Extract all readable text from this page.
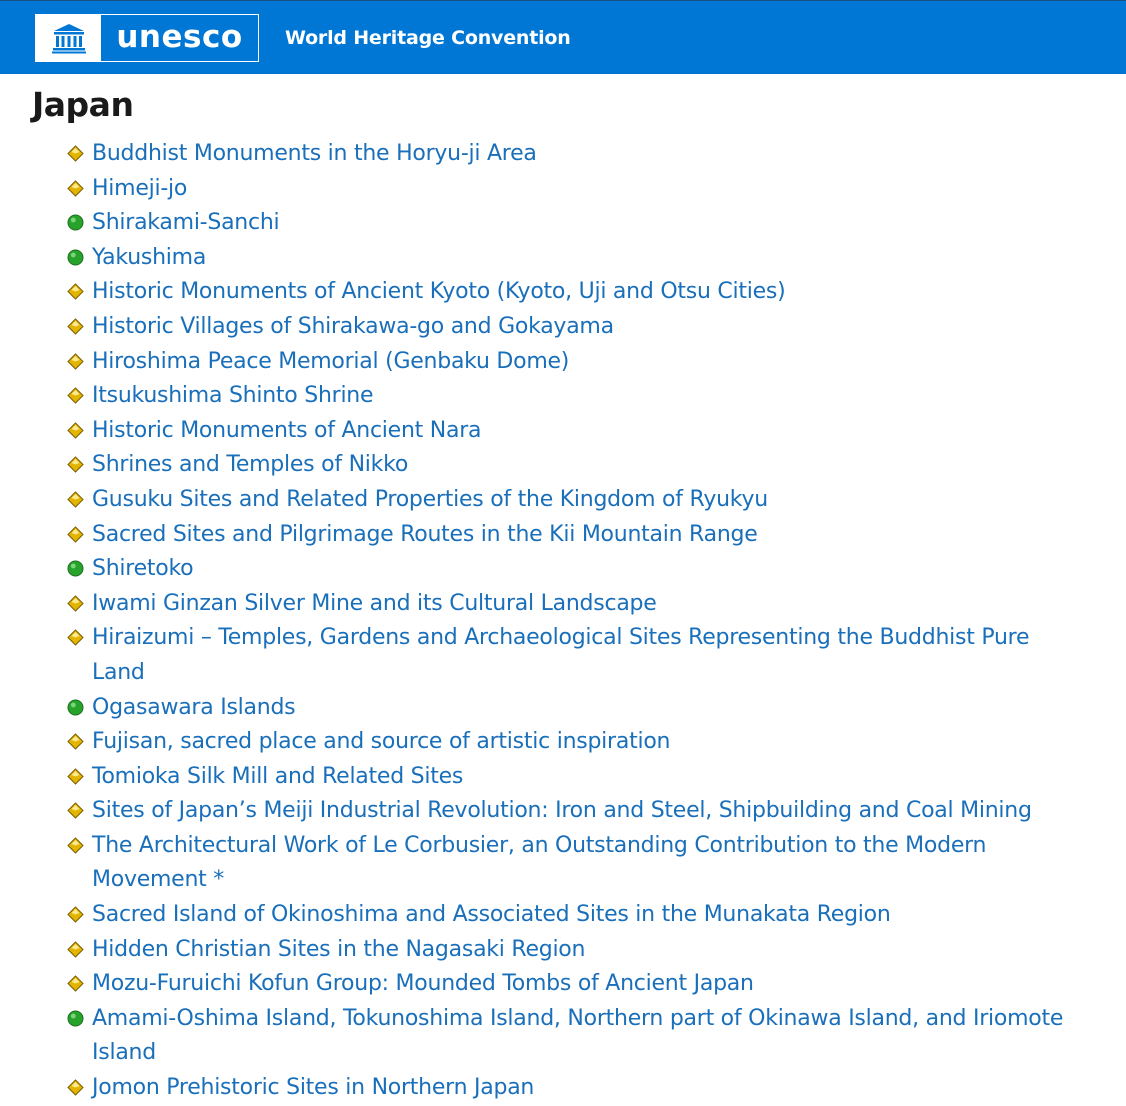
unesco	World Heritage Convention
Japan
Buddhist Monuments in the Horyu-ji Area
Himeji-jo
Shirakami-Sanchi
Yakushima
Historic Monuments of Ancient Kyoto (Kyoto, Uji and Otsu Cities)
Historic Villages of Shirakawa-go and Gokayama
Hiroshima Peace Memorial (Genbaku Dome)
Itsukushima Shinto Shrine
Historic Monuments of Ancient Nara
Shrines and Temples of Nikko
Gusuku Sites and Related Properties of the Kingdom of Ryukyu
Sacred Sites and Pilgrimage Routes in the Kii Mountain Range
Shiretoko
Iwami Ginzan Silver Mine and its Cultural Landscape
Hiraizumi – Temples, Gardens and Archaeological Sites Representing the Buddhist Pure Land
Ogasawara Islands
Fujisan, sacred place and source of artistic inspiration
Tomioka Silk Mill and Related Sites
Sites of Japan’s Meiji Industrial Revolution: Iron and Steel, Shipbuilding and Coal Mining
The Architectural Work of Le Corbusier, an Outstanding Contribution to the Modern Movement *
Sacred Island of Okinoshima and Associated Sites in the Munakata Region
Hidden Christian Sites in the Nagasaki Region
Mozu-Furuichi Kofun Group: Mounded Tombs of Ancient Japan
Amami-Oshima Island, Tokunoshima Island, Northern part of Okinawa Island, and Iriomote Island
Jomon Prehistoric Sites in Northern Japan
